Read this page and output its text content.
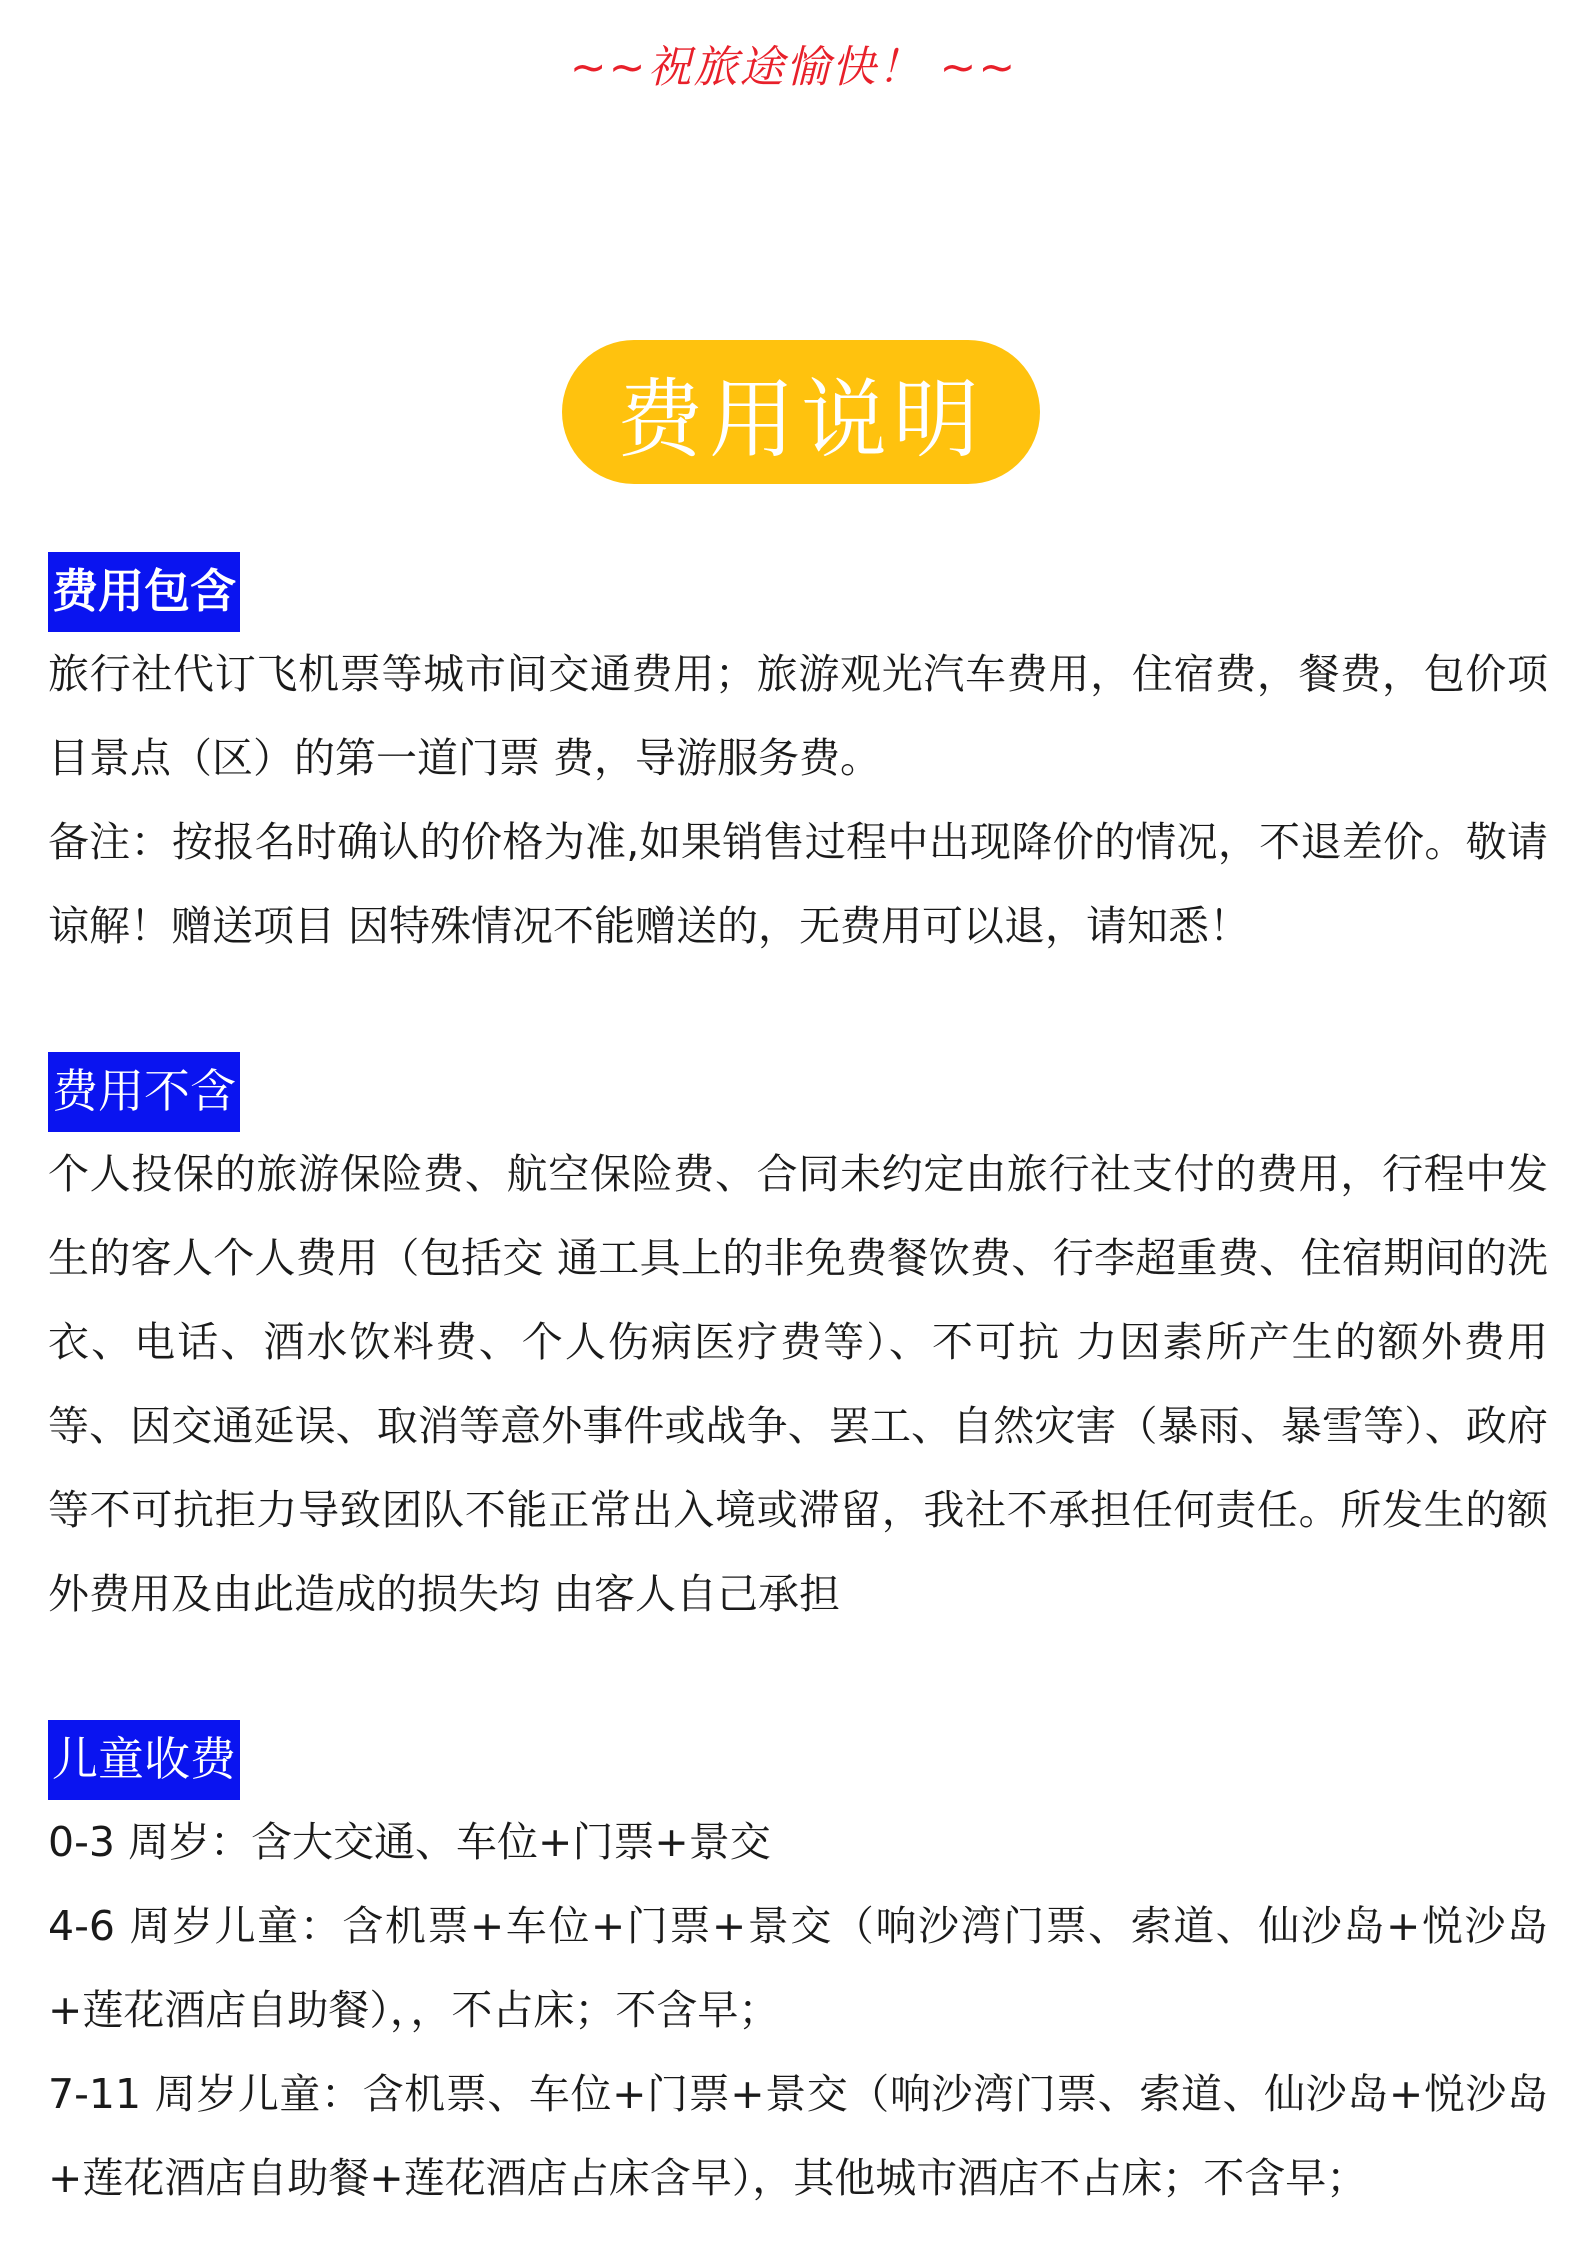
~~祝旅途愉快！ ~~
费用说明
费用包含

旅行社代订飞机票等城市间交通费用；旅游观光汽车费用，住宿费，餐费，包价项目景点（区）的第一道门票 费，导游服务费。

备注：按报名时确认的价格为准,如果销售过程中出现降价的情况，不退差价。敬请谅解！赠送项目 因特殊情况不能赠送的，无费用可以退，请知悉！

费用不含

个人投保的旅游保险费、航空保险费、合同未约定由旅行社支付的费用，行程中发生的客人个人费用（包括交 通工具上的非免费餐饮费、行李超重费、住宿期间的洗衣、电话、酒水饮料费、个人伤病医疗费等）、不可抗 力因素所产生的额外费用等、因交通延误、取消等意外事件或战争、罢工、自然灾害（暴雨、暴雪等）、政府 等不可抗拒力导致团队不能正常出入境或滞留，我社不承担任何责任。所发生的额外费用及由此造成的损失均 由客人自己承担

儿童收费

0-3 周岁：含大交通、车位+门票+景交

4-6 周岁儿童：含机票+车位+门票+景交（响沙湾门票、索道、仙沙岛+悦沙岛+莲花酒店自助餐），，不占床；不含早；

7-11 周岁儿童：含机票、车位+门票+景交（响沙湾门票、索道、仙沙岛+悦沙岛+莲花酒店自助餐+莲花酒店占床含早），其他城市酒店不占床；不含早；
